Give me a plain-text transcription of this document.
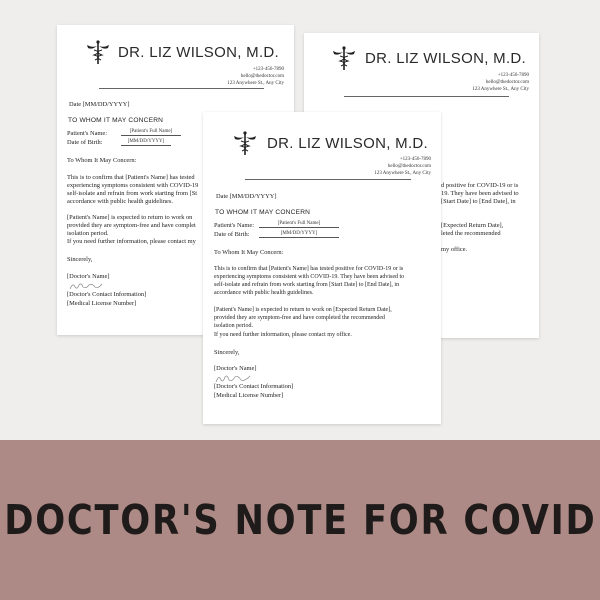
DR. LIZ WILSON, M.D.
+123-456-7890
hello@thedoctor.com
123 Anywhere St., Any City
Date [MM/DD/YYYY]
TO WHOM IT MAY CONCERN
Patient's Name:	[Patient's Full Name]
Date of Birth:	[MM/DD/YYYY]
To Whom It May Concern:
This is to confirm that [Patient's Name] has tested
experiencing symptoms consistent with COVID-19
self-isolate and refrain from work starting from [St
accordance with public health guidelines.
[Patient's Name] is expected to return to work on
provided they are symptom-free and have complet
isolation period.
If you need further information, please contact my
Sincerely,
[Doctor's Name]
[Doctor's Contact Information]
[Medical License Number]
DR. LIZ WILSON, M.D.
+123-456-7890
hello@thedoctor.com
123 Anywhere St., Any City
d positive for COVID-19 or is
19. They have been advised to
[Start Date] to [End Date], in
[Expected Return Date],
leted the recommended
my office.
DR. LIZ WILSON, M.D.
+123-456-7890
hello@thedoctor.com
123 Anywhere St., Any City
Date [MM/DD/YYYY]
TO WHOM IT MAY CONCERN
Patient's Name:	[Patient's Full Name]
Date of Birth:	[MM/DD/YYYY]
To Whom It May Concern:
This is to confirm that [Patient's Name] has tested positive for COVID-19 or is
experiencing symptoms consistent with COVID-19. They have been advised to
self-isolate and refrain from work starting from [Start Date] to [End Date], in
accordance with public health guidelines.
[Patient's Name] is expected to return to work on [Expected Return Date],
provided they are symptom-free and have completed the recommended
isolation period.
If you need further information, please contact my office.
Sincerely,
[Doctor's Name]
[Doctor's Contact Information]
[Medical License Number]
DOCTOR'S NOTE FOR COVID
